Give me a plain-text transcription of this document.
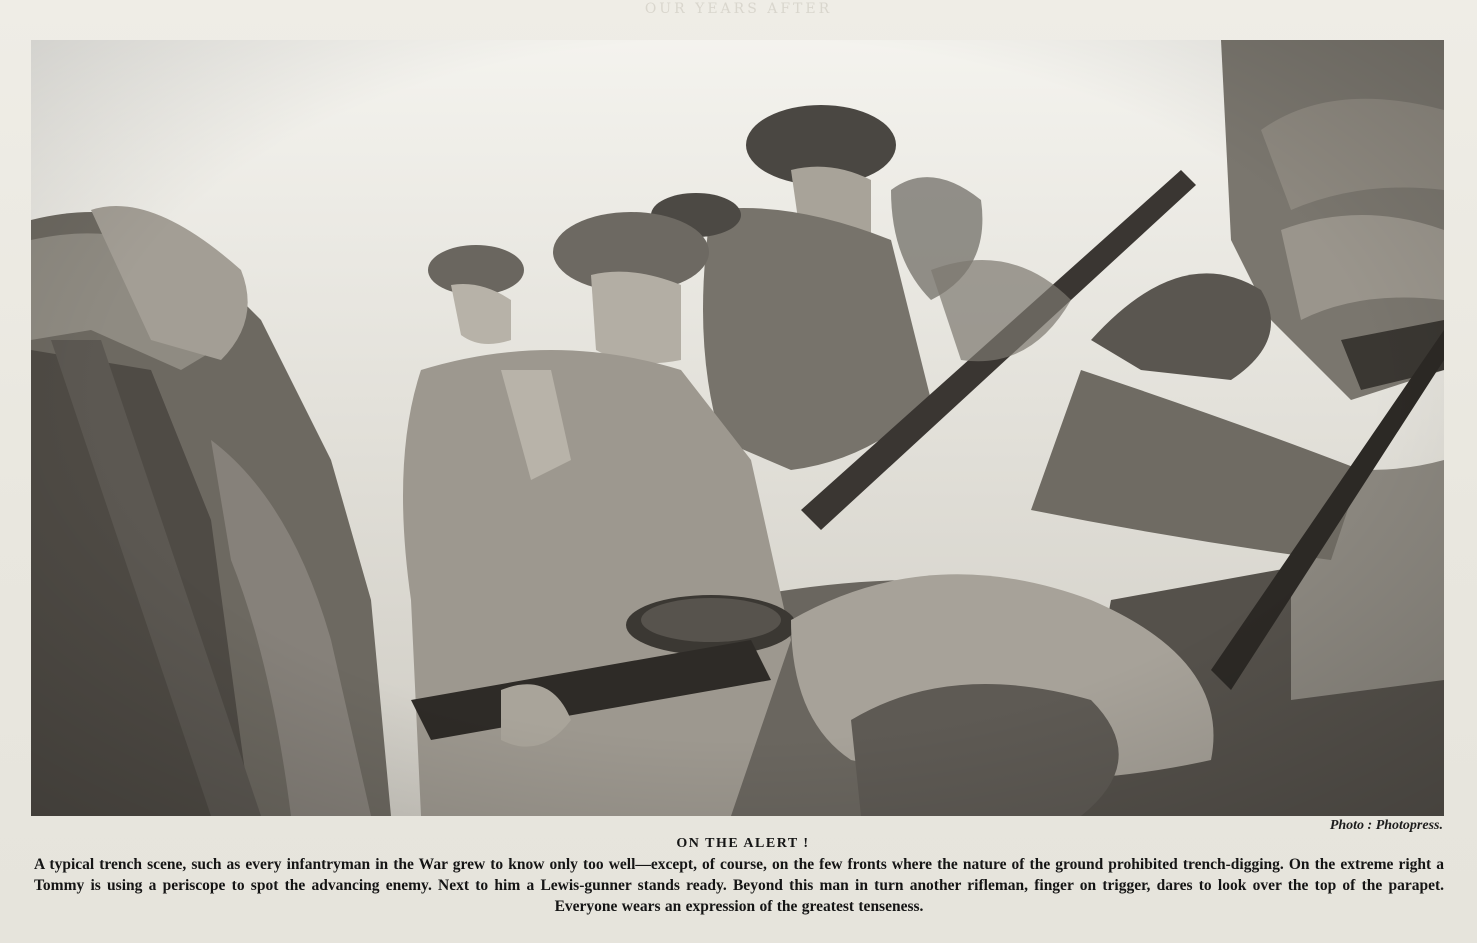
OUR YEARS AFTER
Photo : Photopress.

ON THE ALERT !

A typical trench scene, such as every infantryman in the War grew to know only too well—except, of course, on the few fronts where the nature of the ground prohibited trench-digging. On the extreme right a Tommy is using a periscope to spot the advancing enemy. Next to him a Lewis-gunner stands ready. Beyond this man in turn another rifleman, finger on trigger, dares to look over the top of the parapet. Everyone wears an expression of the greatest tenseness.
